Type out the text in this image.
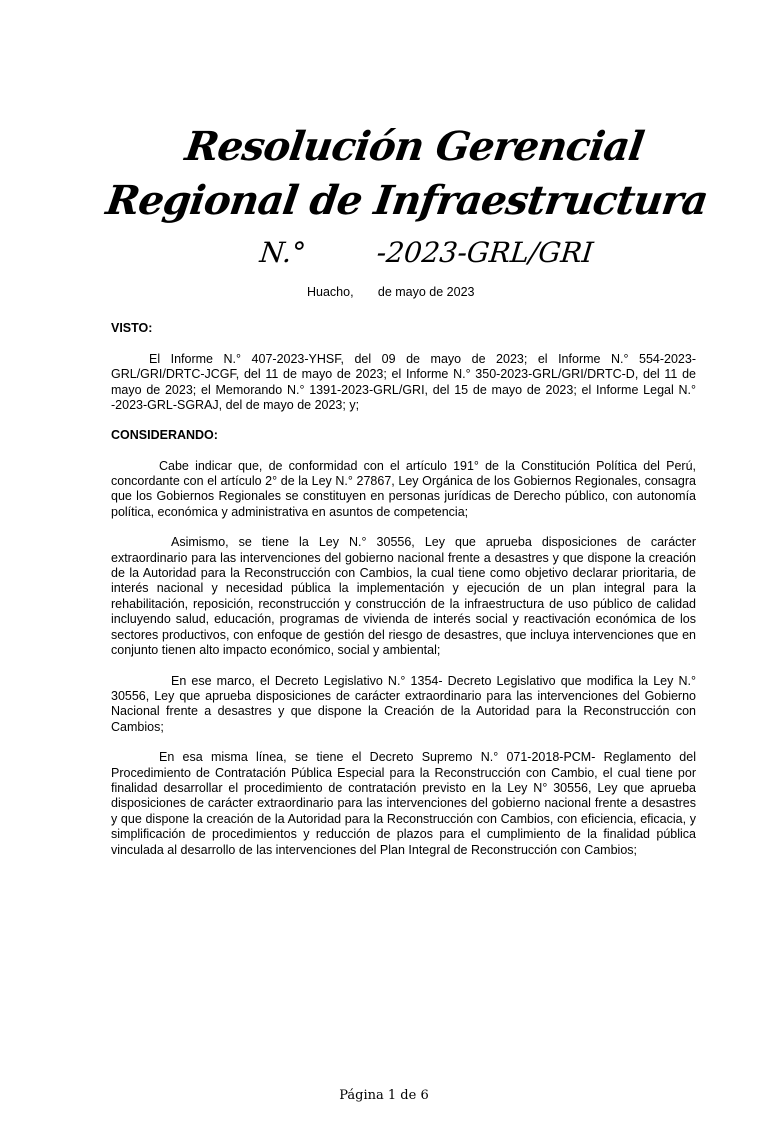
Resolución Gerencial Regional de Infraestructura
N.°        -2023-GRL/GRI
Huacho,       de mayo de 2023
VISTO:

El Informe N.° 407-2023-YHSF, del 09 de mayo de 2023; el Informe N.° 554-2023-GRL/GRI/DRTC-JCGF, del 11 de mayo de 2023; el Informe N.° 350-2023-GRL/GRI/DRTC-D, del 11 de mayo de 2023; el Memorando N.° 1391-2023-GRL/GRI, del 15 de mayo de 2023; el Informe Legal N.° -2023-GRL-SGRAJ, del de mayo de 2023; y;

CONSIDERANDO:

Cabe indicar que, de conformidad con el artículo 191° de la Constitución Política del Perú, concordante con el artículo 2° de la Ley N.° 27867, Ley Orgánica de los Gobiernos Regionales, consagra que los Gobiernos Regionales se constituyen en personas jurídicas de Derecho público, con autonomía política, económica y administrativa en asuntos de competencia;

Asimismo, se tiene la Ley N.° 30556, Ley que aprueba disposiciones de carácter extraordinario para las intervenciones del gobierno nacional frente a desastres y que dispone la creación de la Autoridad para la Reconstrucción con Cambios, la cual tiene como objetivo declarar prioritaria, de interés nacional y necesidad pública la implementación y ejecución de un plan integral para la rehabilitación, reposición, reconstrucción y construcción de la infraestructura de uso público de calidad incluyendo salud, educación, programas de vivienda de interés social y reactivación económica de los sectores productivos, con enfoque de gestión del riesgo de desastres, que incluya intervenciones que en conjunto tienen alto impacto económico, social y ambiental;

En ese marco, el Decreto Legislativo N.° 1354- Decreto Legislativo que modifica la Ley N.° 30556, Ley que aprueba disposiciones de carácter extraordinario para las intervenciones del Gobierno Nacional frente a desastres y que dispone la Creación de la Autoridad para la Reconstrucción con Cambios;

En esa misma línea, se tiene el Decreto Supremo N.° 071-2018-PCM- Reglamento del Procedimiento de Contratación Pública Especial para la Reconstrucción con Cambio, el cual tiene por finalidad desarrollar el procedimiento de contratación previsto en la Ley N° 30556, Ley que aprueba disposiciones de carácter extraordinario para las intervenciones del gobierno nacional frente a desastres y que dispone la creación de la Autoridad para la Reconstrucción con Cambios, con eficiencia, eficacia, y simplificación de procedimientos y reducción de plazos para el cumplimiento de la finalidad pública vinculada al desarrollo de las intervenciones del Plan Integral de Reconstrucción con Cambios;

Página 1 de 6
